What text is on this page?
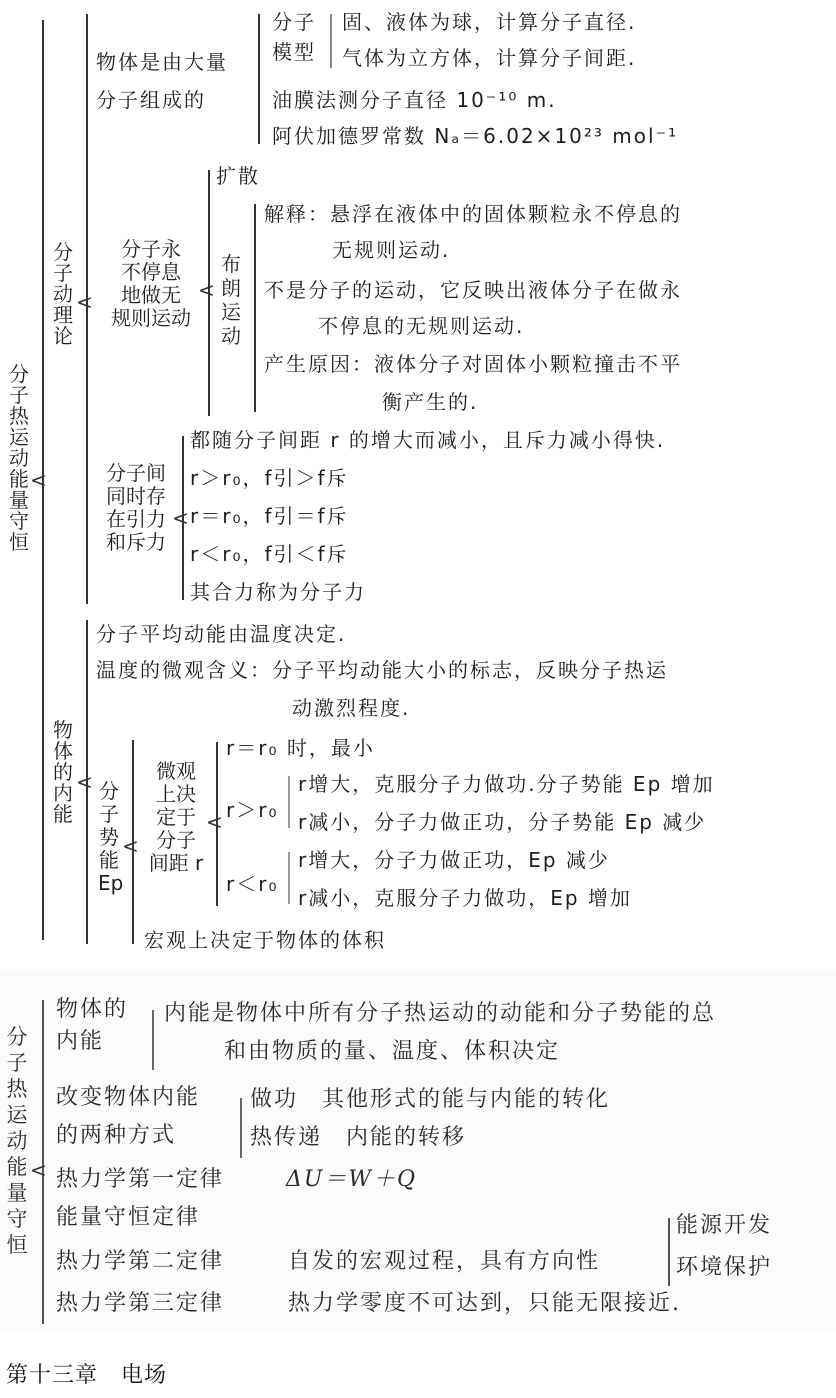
分子热运动能量守恒
<
分子动理论
<
物体是由大量
分子组成的
分子
模型
固、液体为球，计算分子直径.
气体为立方体，计算分子间距.
油膜法测分子直径 10⁻¹⁰ m.
阿伏加德罗常数 Nₐ＝6.02×10²³ mol⁻¹
分子永
不停息
地做无
规则运动
<
扩散
布朗运动
解释：悬浮在液体中的固体颗粒永不停息的
无规则运动.
不是分子的运动，它反映出液体分子在做永
不停息的无规则运动.
产生原因：液体分子对固体小颗粒撞击不平
衡产生的.
分子间
同时存
在引力
和斥力
<
都随分子间距 r 的增大而减小，且斥力减小得快.
r＞r₀，f引＞f斥
r＝r₀，f引＝f斥
r＜r₀，f引＜f斥
其合力称为分子力
物体的内能
<
分子平均动能由温度决定.
温度的微观含义：分子平均动能大小的标志，反映分子热运
动激烈程度.
分子势能Ep
<
微观
上决
定于
分子
间距 r
<
r＝r₀ 时，最小
r＞r₀
r增大，克服分子力做功.分子势能 Ep 增加
r减小，分子力做正功，分子势能 Ep 减少
r＜r₀
r增大，分子力做正功，Ep 减少
r减小，克服分子力做功，Ep 增加
宏观上决定于物体的体积
分子热运动能量守恒
<
物体的
内能
内能是物体中所有分子热运动的动能和分子势能的总
和由物质的量、温度、体积决定
改变物体内能
的两种方式
做功　其他形式的能与内能的转化
热传递　内能的转移
热力学第一定律	ΔU＝W＋Q
能量守恒定律
热力学第二定律	自发的宏观过程，具有方向性
能源开发
环境保护
热力学第三定律	热力学零度不可达到，只能无限接近.
第十三章　电场
